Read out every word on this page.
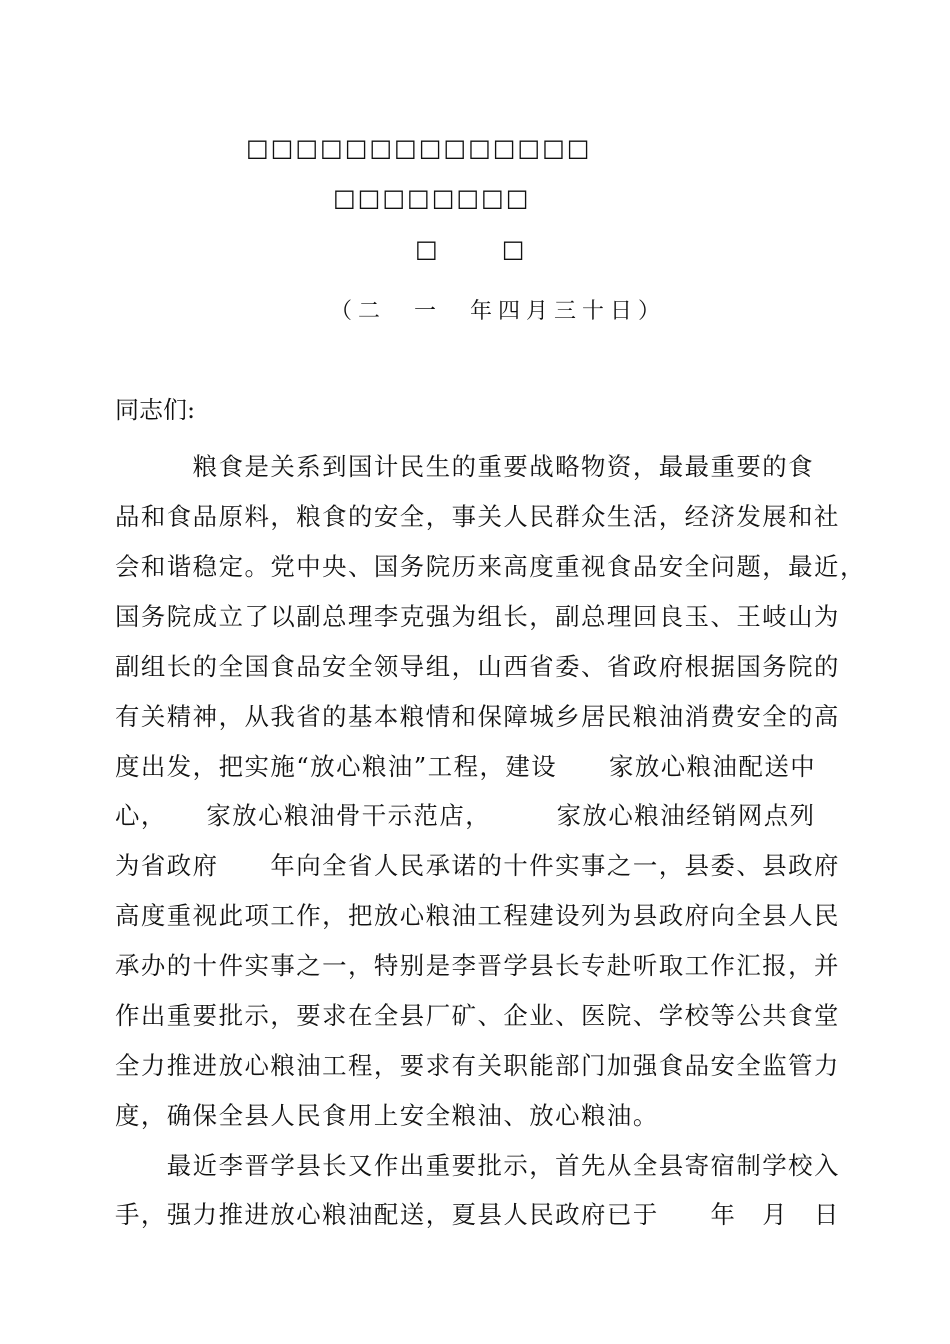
□□□□□□□□□□□□□□
□□□□□□□□
□	□
（二　一　年四月三十日）
同志们:
　　　粮食是关系到国计民生的重要战略物资，最最重要的食
品和食品原料，粮食的安全，事关人民群众生活，经济发展和社
会和谐稳定。党中央、国务院历来高度重视食品安全问题，最近，
国务院成立了以副总理李克强为组长，副总理回良玉、王岐山为
副组长的全国食品安全领导组，山西省委、省政府根据国务院的
有关精神，从我省的基本粮情和保障城乡居民粮油消费安全的高
度出发，把实施“放心粮油”工程，建设　　家放心粮油配送中
心，　　家放心粮油骨干示范店，　　　家放心粮油经销网点列
为省政府　　年向全省人民承诺的十件实事之一，县委、县政府
高度重视此项工作，把放心粮油工程建设列为县政府向全县人民
承办的十件实事之一，特别是李晋学县长专赴听取工作汇报，并
作出重要批示，要求在全县厂矿、企业、医院、学校等公共食堂
全力推进放心粮油工程，要求有关职能部门加强食品安全监管力
度，确保全县人民食用上安全粮油、放心粮油。
　　最近李晋学县长又作出重要批示，首先从全县寄宿制学校入
手，强力推进放心粮油配送，夏县人民政府已于　　年　月　日
